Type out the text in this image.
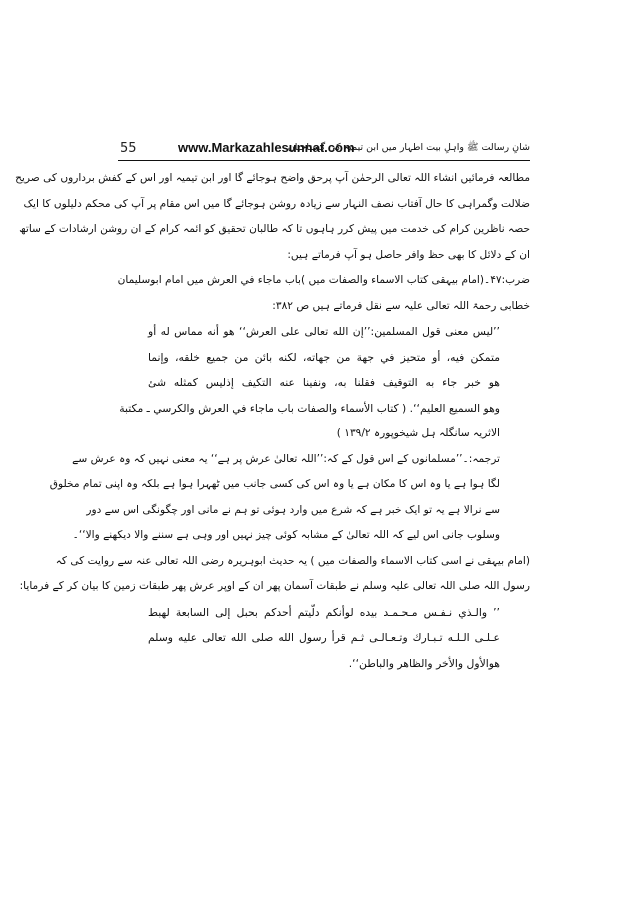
55	www.Markazahlesunnat.com
شانِ رسالت ﷺ واہلِ بیت اطہار میں ابن تیمیہ کی گستاخیاں
مطالعہ فرمائیں انشاء اللہ تعالی الرحمٰن آپ پرحق واضح ہوجائے گا اور ابن تیمیہ اور اس کے کفش برداروں کی صریح
ضلالت وگمراہی کا حال آفتاب نصف النہار سے زیادہ روشن ہوجائے گا میں اس مقام پر آپ کی محکم دلیلوں کا ایک
حصہ ناظرین کرام کی خدمت میں پیش کرر ہاہوں تا کہ طالبان تحقیق کو ائمہ کرام کے ان روشن ارشادات کے ساتھ
ان کے دلائل کا بھی حظ وافر حاصل ہو آپ فرماتے ہیں:
ضرب:۴۷۔(امام بیہقی کتاب الاسماء والصفات میں )باب ماجاء في العرش میں امام ابوسلیمان
خطابی رحمۃ اللہ تعالی علیہ سے نقل فرماتے ہیں ص ۳۸۲:
’’ليس معنى قول المسلمين:’’إن الله تعالى على العرش‘‘ هو أنه مماس له أو
متمكن فيه، أو متحيز في جهة من جهاته، لكنه بائن من جميع خلقه، وإنما
هو خبر جاء به التوقيف فقلنا به، ونفينا عنه التكيف إذليس كمثله شئ
وهو السميع العليم‘‘. ( كتاب الأسماء والصفات باب ماجاء في العرش والكرسي ـ مكتبة
الاثريہ سانگلہ ہل شیخوپورہ ۱۳۹/۲ )
ترجمہ:۔’’مسلمانوں کے اس قول کے کہ:’’اللہ تعالیٰ عرش پر ہے‘‘ یہ معنی نہیں کہ وہ عرش سے
لگا ہوا ہے یا وہ اس کا مکان ہے یا وہ اس کی کسی جانب میں ٹھہرا ہوا ہے بلکہ وہ اپنی تمام مخلوق
سے نرالا ہے یہ تو ایک خبر ہے کہ شرع میں وارد ہوئی تو ہم نے مانی اور چگونگی اس سے دور
وسلوب جانی اس لیے کہ اللہ تعالیٰ کے مشابہ کوئی چیز نہیں اور وہی ہے سننے والا دیکھنے والا‘‘۔
(امام بیہقی نے اسی کتاب الاسماء والصفات میں ) یہ حدیث ابوہریرہ رضی اللہ تعالی عنہ سے روایت کی کہ
رسول اللہ صلی اللہ تعالی علیہ وسلم نے طبقات آسمان پھر ان کے اوپر عرش پھر طبقات زمین کا بیان کر کے فرمایا:
’’ والـذي نـفـس مـحـمـد بيده لوأنكم دلّيتم أحدكم بحبل إلى السابعة لهبط
عـلـى الـلـه تـبـارك وتـعـالـى ثـم قرأ رسول الله صلى الله تعالى عليه وسلم
هوالأول والأخر والظاهر والباطن‘‘.
